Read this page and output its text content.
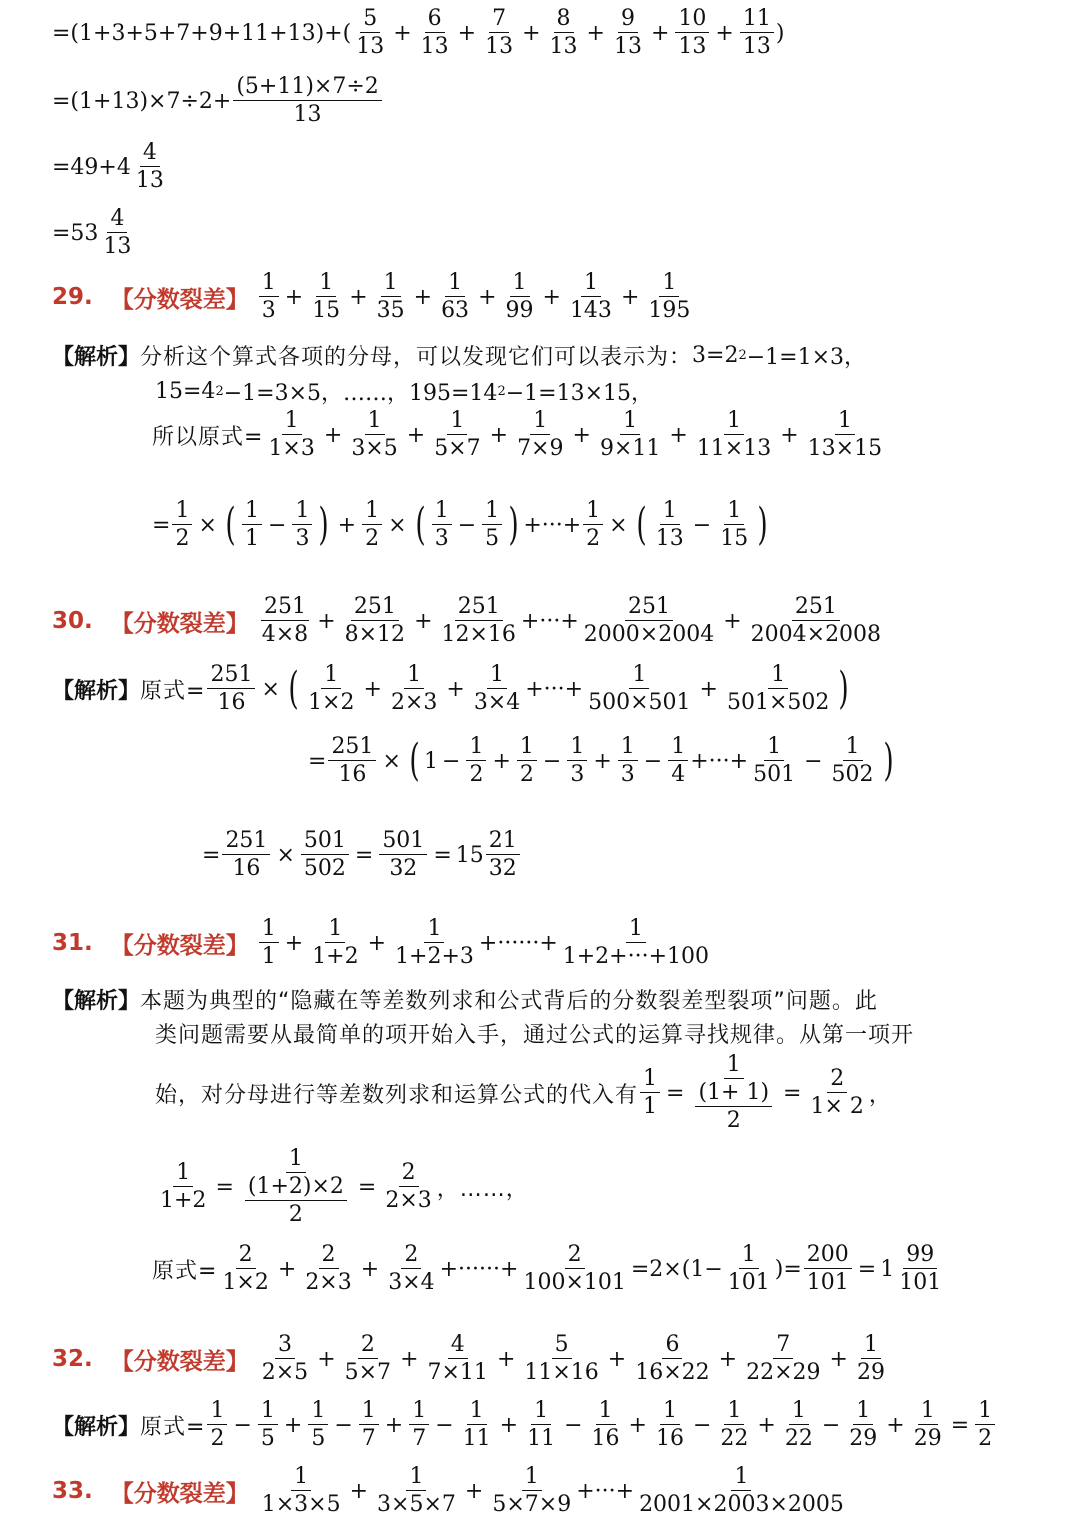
$=(1+3+5+7+9+11+13)+( \frac{5}{13} + \frac{6}{13} + \frac{7}{13} + \frac{8}{13} + \frac{9}{13} + \frac{10}{13} + \frac{11}{13}$ )
$=(1+13)\times 7\div 2+ \frac{(5+11)\times 7\div 2}{13}$
$=49+4 \frac{4}{13}$
$=53 \frac{4}{13}$
29. 【分数裂差】 $\frac{1}{3} + \frac{1}{15} + \frac{1}{35} + \frac{1}{63} + \frac{1}{99} + \frac{1}{143} + \frac{1}{195}$
【解析】 分析这个算式各项的分母，可以发现它们可以表示为： 3=2 2 −1=1×3，
15=4 2 −1=3×5，……，195=14 2 −1=13×15，
所以原式= $\frac{1}{1\times 3} + \frac{1}{3\times 5} + \frac{1}{5\times 7} + \frac{1}{7\times 9} + \frac{1}{9\times 11} + \frac{1}{11\times 13} + \frac{1}{13\times 15}$
= $\frac{1}{2}$ × ( $\frac{1}{1} - \frac{1}{3}$ ) + $\frac{1}{2}$ × ( $\frac{1}{3} - \frac{1}{5}$ ) +···+ $\frac{1}{2}$ × ( $\frac{1}{13} - \frac{1}{15}$ )
30. 【分数裂差】 $\frac{251}{4\times 8} + \frac{251}{8\times 12} + \frac{251}{12\times 16}$ +···+ $\frac{251}{2000\times 2004} + \frac{251}{2004\times 2008}$
【解析】 原式= $\frac{251}{16}$ × ( $\frac{1}{1\times 2} + \frac{1}{2\times 3} + \frac{1}{3\times 4}$ +···+ $\frac{1}{500\times 501} + \frac{1}{501\times 502}$ )
= $\frac{251}{16}$ × ( $1 - \frac{1}{2} + \frac{1}{2} - \frac{1}{3} + \frac{1}{3} - \frac{1}{4}$ +···+ $\frac{1}{501} - \frac{1}{502}$ )
= $\frac{251}{16} \times \frac{501}{502} = \frac{501}{32} = 15 \frac{21}{32}$
31. 【分数裂差】 $\frac{1}{1} + \frac{1}{1+2} + \frac{1}{1+2+3}$ +······+ $\frac{1}{1+2+\cdot\cdot\cdot+100}$
【解析】 本题为典型的“隐藏在等差数列求和公式背后的分数裂差型裂项”问题。此
类问题需要从最简单的项开始入手，通过公式的运算寻找规律。从第一项开
始，对分母进行等差数列求和运算公式的代入有 $\frac{1}{1} = \frac{1}{\frac{(1+ 1)}{2}} = \frac{2}{1\times 2}$ ，
$\frac{1}{1+2} = \frac{1}{\frac{(1+2)\times 2}{2}} = \frac{2}{2\times 3}$ ，……，
原式= $\frac{2}{1\times 2} + \frac{2}{2\times 3} + \frac{2}{3\times 4}$ +······+ $\frac{2}{100\times 101} =2\times(1- \frac{1}{101}$ )= $\frac{200}{101} = 1 \frac{99}{101}$
32. 【分数裂差】 $\frac{3}{2\times 5} + \frac{2}{5\times 7} + \frac{4}{7\times 11} + \frac{5}{11\times 16} + \frac{6}{16\times 22} + \frac{7}{22\times 29} + \frac{1}{29}$
【解析】 原式= $\frac{1}{2} - \frac{1}{5} + \frac{1}{5} - \frac{1}{7} + \frac{1}{7} - \frac{1}{11} + \frac{1}{11} - \frac{1}{16} + \frac{1}{16} - \frac{1}{22} + \frac{1}{22} - \frac{1}{29} + \frac{1}{29} = \frac{1}{2}$
33. 【分数裂差】 $\frac{1}{1\times 3\times 5} + \frac{1}{3\times 5\times 7} + \frac{1}{5\times 7\times 9}$ +···+ $\frac{1}{2001\times 2003\times 2005}$
